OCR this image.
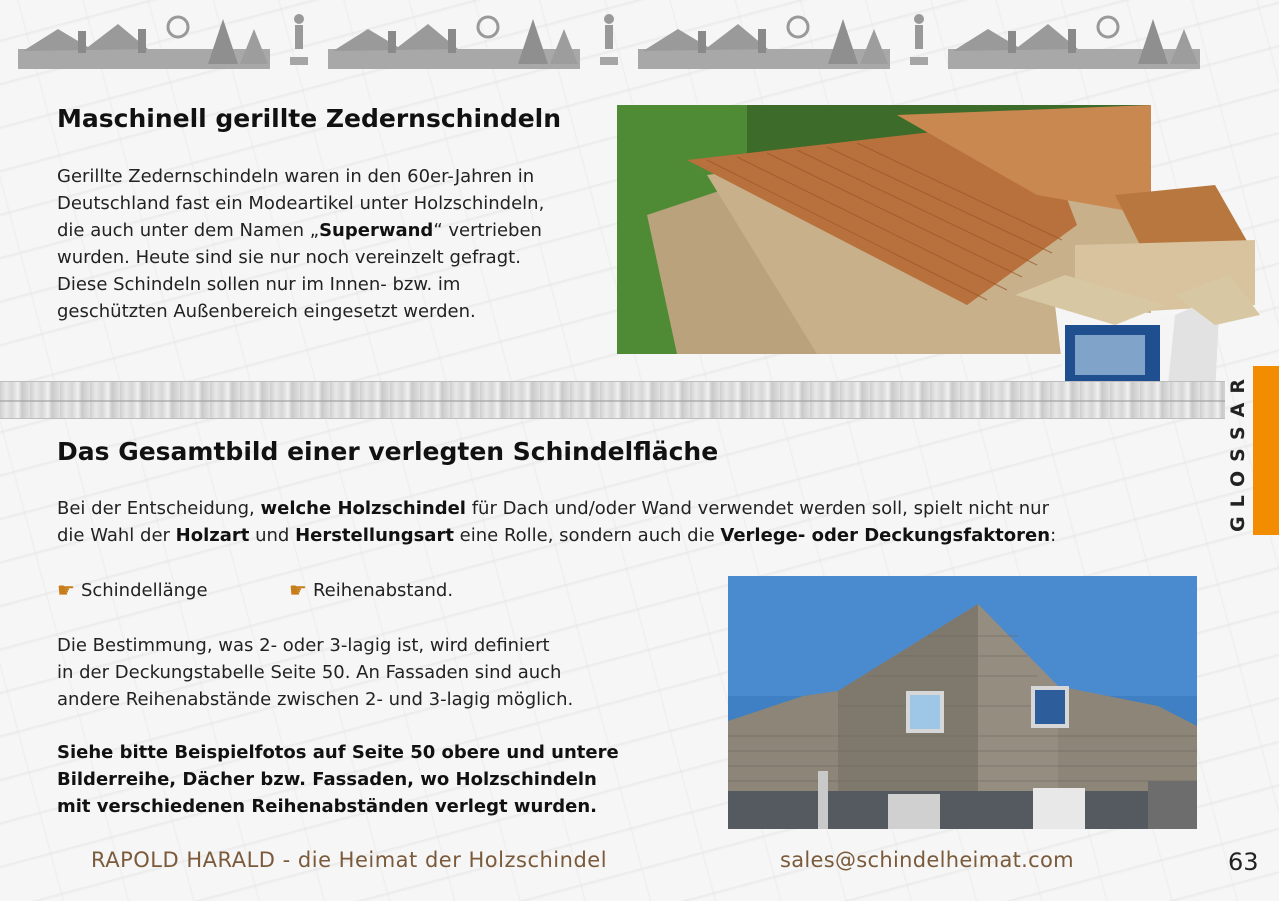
Maschinell gerillte Zedernschindeln
Gerillte Zedernschindeln waren in den 60er-Jahren in
Deutschland fast ein Modeartikel unter Holzschindeln,
die auch unter dem Namen „Superwand“ vertrieben
wurden. Heute sind sie nur noch vereinzelt gefragt.
Diese Schindeln sollen nur im Innen- bzw. im
geschützten Außenbereich eingesetzt werden.
GLOSSAR
Das Gesamtbild einer verlegten Schindelfläche
Bei der Entscheidung, welche Holzschindel für Dach und/oder Wand verwendet werden soll, spielt nicht nur
die Wahl der Holzart und Herstellungsart eine Rolle, sondern auch die Verlege- oder Deckungsfaktoren:
☛ Schindellänge	☛ Reihenabstand.
Die Bestimmung, was 2- oder 3-lagig ist, wird definiert
in der Deckungstabelle Seite 50. An Fassaden sind auch
andere Reihenabstände zwischen 2- und 3-lagig möglich.
Siehe bitte Beispielfotos auf Seite 50 obere und untere
Bilderreihe, Dächer bzw. Fassaden, wo Holzschindeln
mit verschiedenen Reihenabständen verlegt wurden.
RAPOLD HARALD - die Heimat der Holzschindel	sales@schindelheimat.com	63
